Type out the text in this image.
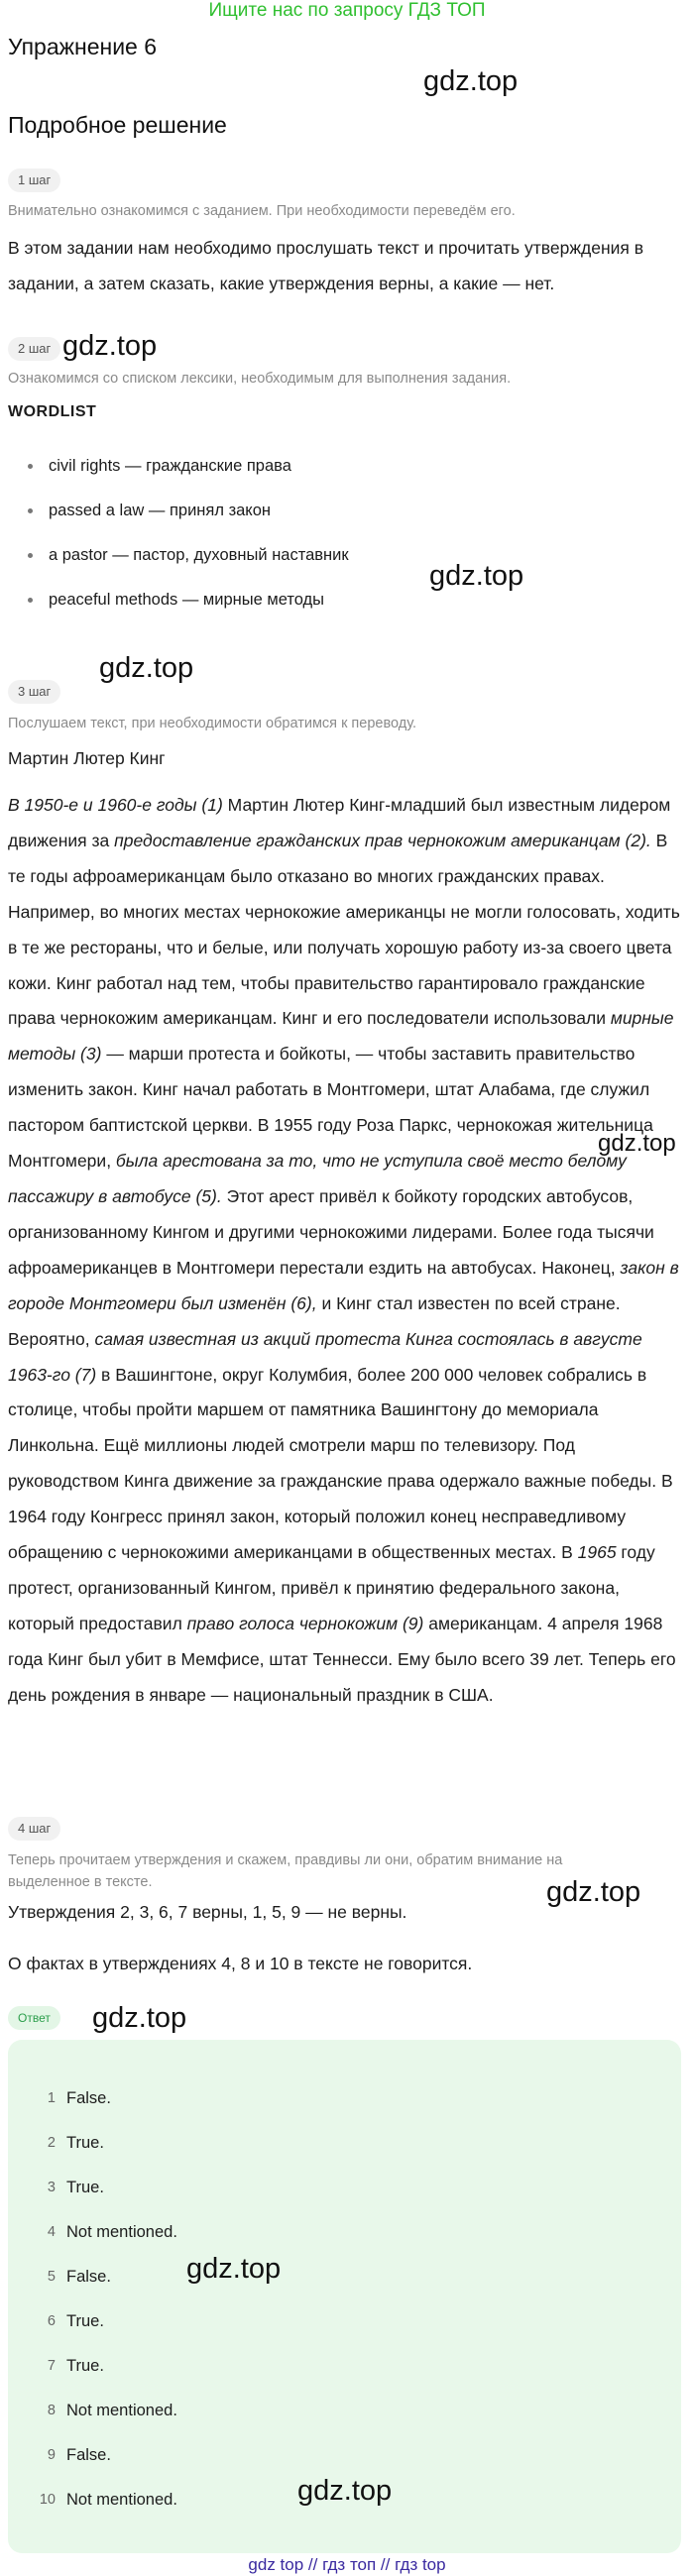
Ищите нас по запросу ГДЗ ТОП
Упражнение 6
gdz.top
Подробное решение
1 шаг
Внимательно ознакомимся с заданием. При необходимости переведём его.
В этом задании нам необходимо прослушать текст и прочитать утверждения в задании, а затем сказать, какие утверждения верны, а какие — нет.
2 шаг gdz.top
Ознакомимся со списком лексики, необходимым для выполнения задания.
WORDLIST
civil rights — гражданские права
passed a law — принял закон
a pastor — пастор, духовный наставник
peaceful methods — мирные методы
gdz.top
gdz.top
3 шаг
Послушаем текст, при необходимости обратимся к переводу.
Мартин Лютер Кинг
В 1950-е и 1960-е годы (1) Мартин Лютер Кинг-младший был известным лидером движения за предоставление гражданских прав чернокожим американцам (2). В те годы афроамериканцам было отказано во многих гражданских правах. Например, во многих местах чернокожие американцы не могли голосовать, ходить в те же рестораны, что и белые, или получать хорошую работу из-за своего цвета кожи. Кинг работал над тем, чтобы правительство гарантировало гражданские права чернокожим американцам. Кинг и его последователи использовали мирные методы (3) — марши протеста и бойкоты, — чтобы заставить правительство изменить закон. Кинг начал работать в Монтгомери, штат Алабама, где служил пастором баптистской церкви. В 1955 году Роза Паркс, чернокожая жительница Монтгомери, была арестована за то, что не уступила своё место белому пассажиру в автобусе (5). Этот арест привёл к бойкоту городских автобусов, организованному Кингом и другими чернокожими лидерами. Более года тысячи афроамериканцев в Монтгомери перестали ездить на автобусах. Наконец, закон в городе Монтгомери был изменён (6), и Кинг стал известен по всей стране. Вероятно, самая известная из акций протеста Кинга состоялась в августе 1963-го (7) в Вашингтоне, округ Колумбия, более 200 000 человек собрались в столице, чтобы пройти маршем от памятника Вашингтону до мемориала Линкольна. Ещё миллионы людей смотрели марш по телевизору. Под руководством Кинга движение за гражданские права одержало важные победы. В 1964 году Конгресс принял закон, который положил конец несправедливому обращению с чернокожими американцами в общественных местах. В 1965 году протест, организованный Кингом, привёл к принятию федерального закона, который предоставил право голоса чернокожим (9) американцам. 4 апреля 1968 года Кинг был убит в Мемфисе, штат Теннесси. Ему было всего 39 лет. Теперь его день рождения в январе — национальный праздник в США.
gdz.top
4 шаг
Теперь прочитаем утверждения и скажем, правдивы ли они, обратим внимание на выделенное в тексте.	gdz.top
Утверждения 2, 3, 6, 7 верны, 1, 5, 9 — не верны.
О фактах в утверждениях 4, 8 и 10 в тексте не говорится.
Ответ	gdz.top
1 False.
2 True.
3 True.
4 Not mentioned.
5 False.
6 True.
7 True.
8 Not mentioned.
9 False.
10 Not mentioned.
gdz.top
gdz.top
gdz top // гдз топ // гдз top
